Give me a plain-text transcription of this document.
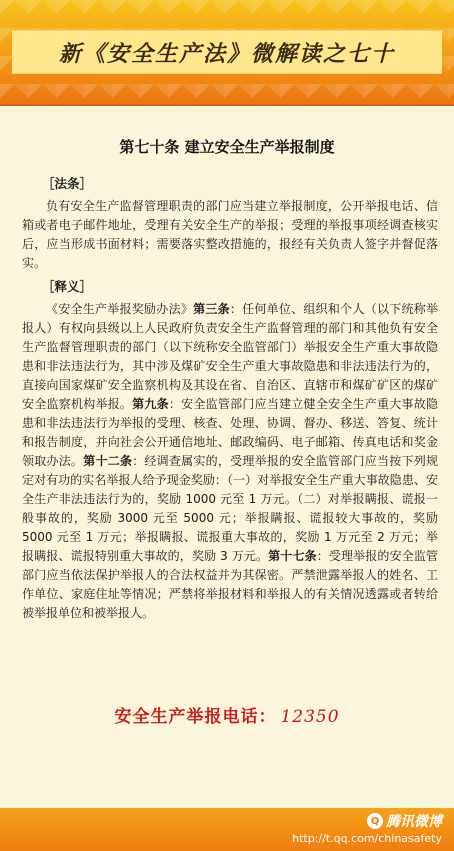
新《安全生产法》微解读之七十
第七十条 建立安全生产举报制度
［法条］

负有安全生产监督管理职责的部门应当建立举报制度，公开举报电话、信箱或者电子邮件地址，受理有关安全生产的举报；受理的举报事项经调查核实后，应当形成书面材料；需要落实整改措施的，报经有关负责人签字并督促落实。

［释义］

《安全生产举报奖励办法》第三条：任何单位、组织和个人（以下统称举报人）有权向县级以上人民政府负责安全生产监督管理的部门和其他负有安全生产监督管理职责的部门（以下统称安全监管部门）举报安全生产重大事故隐患和非法违法行为，其中涉及煤矿安全生产重大事故隐患和非法违法行为的，直接向国家煤矿安全监察机构及其设在省、自治区、直辖市和煤矿矿区的煤矿安全监察机构举报。第九条：安全监管部门应当建立健全安全生产重大事故隐患和非法违法行为举报的受理、核查、处理、协调、督办、移送、答复、统计和报告制度，并向社会公开通信地址、邮政编码、电子邮箱、传真电话和奖金领取办法。第十二条：经调查属实的，受理举报的安全监管部门应当按下列规定对有功的实名举报人给予现金奖励：（一）对举报安全生产重大事故隐患、安全生产非法违法行为的，奖励 1000 元至 1 万元。（二）对举报瞒报、谎报一般事故的，奖励 3000 元至 5000 元；举报瞒报、谎报较大事故的，奖励 5000 元至 1 万元；举报瞒报、谎报重大事故的，奖励 1 万元至 2 万元；举报瞒报、谎报特别重大事故的，奖励 3 万元。第十七条：受理举报的安全监管部门应当依法保护举报人的合法权益并为其保密。严禁泄露举报人的姓名、工作单位、家庭住址等情况；严禁将举报材料和举报人的有关情况透露或者转给被举报单位和被举报人。

安全生产举报电话： 12350
Q 腾讯微博
http://t.qq.com/chinasafety
